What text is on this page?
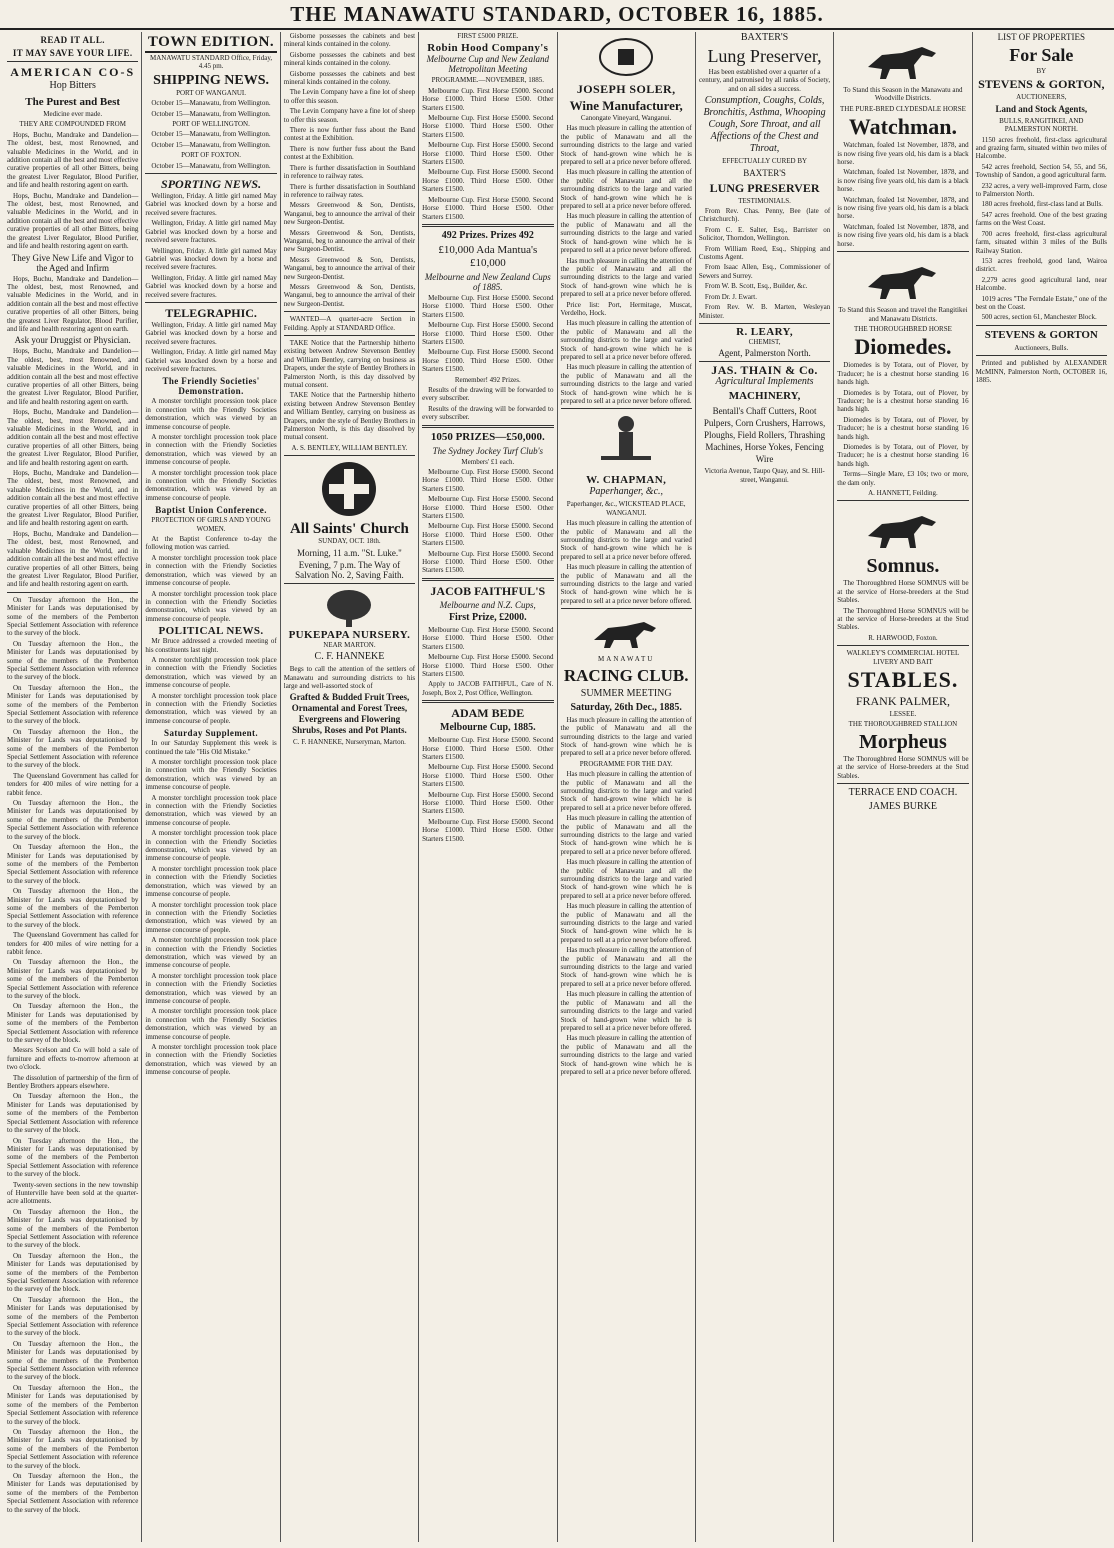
THE MANAWATU STANDARD, OCTOBER 16, 1885.
READ IT ALL.
IT MAY SAVE YOUR LIFE.
AMERICAN CO-S

Hop Bitters

The Purest and Best

Medicine ever made.

THEY ARE COMPOUNDED FROM

Hops, Buchu, Mandrake and Dandelion— The oldest, best, most Renowned, and valuable Medicines in the World, and in addition contain all the best and most effective curative properties of all other Bitters, being the greatest Liver Regulator, Blood Purifier, and life and health restoring agent on earth.

Hops, Buchu, Mandrake and Dandelion— The oldest, best, most Renowned, and valuable Medicines in the World, and in addition contain all the best and most effective curative properties of all other Bitters, being the greatest Liver Regulator, Blood Purifier, and life and health restoring agent on earth.

They Give New Life and Vigor to the Aged and Infirm

Hops, Buchu, Mandrake and Dandelion— The oldest, best, most Renowned, and valuable Medicines in the World, and in addition contain all the best and most effective curative properties of all other Bitters, being the greatest Liver Regulator, Blood Purifier, and life and health restoring agent on earth.

Ask your Druggist or Physician.

Hops, Buchu, Mandrake and Dandelion— The oldest, best, most Renowned, and valuable Medicines in the World, and in addition contain all the best and most effective curative properties of all other Bitters, being the greatest Liver Regulator, Blood Purifier, and life and health restoring agent on earth.

Hops, Buchu, Mandrake and Dandelion— The oldest, best, most Renowned, and valuable Medicines in the World, and in addition contain all the best and most effective curative properties of all other Bitters, being the greatest Liver Regulator, Blood Purifier, and life and health restoring agent on earth.

Hops, Buchu, Mandrake and Dandelion— The oldest, best, most Renowned, and valuable Medicines in the World, and in addition contain all the best and most effective curative properties of all other Bitters, being the greatest Liver Regulator, Blood Purifier, and life and health restoring agent on earth.

Hops, Buchu, Mandrake and Dandelion— The oldest, best, most Renowned, and valuable Medicines in the World, and in addition contain all the best and most effective curative properties of all other Bitters, being the greatest Liver Regulator, Blood Purifier, and life and health restoring agent on earth.

On Tuesday afternoon the Hon., the Minister for Lands was deputationised by some of the members of the Pemberton Special Settlement Association with reference to the survey of the block.

On Tuesday afternoon the Hon., the Minister for Lands was deputationised by some of the members of the Pemberton Special Settlement Association with reference to the survey of the block.

On Tuesday afternoon the Hon., the Minister for Lands was deputationised by some of the members of the Pemberton Special Settlement Association with reference to the survey of the block.

On Tuesday afternoon the Hon., the Minister for Lands was deputationised by some of the members of the Pemberton Special Settlement Association with reference to the survey of the block.

The Queensland Government has called for tenders for 400 miles of wire netting for a rabbit fence.

On Tuesday afternoon the Hon., the Minister for Lands was deputationised by some of the members of the Pemberton Special Settlement Association with reference to the survey of the block.

On Tuesday afternoon the Hon., the Minister for Lands was deputationised by some of the members of the Pemberton Special Settlement Association with reference to the survey of the block.

On Tuesday afternoon the Hon., the Minister for Lands was deputationised by some of the members of the Pemberton Special Settlement Association with reference to the survey of the block.

The Queensland Government has called for tenders for 400 miles of wire netting for a rabbit fence.

On Tuesday afternoon the Hon., the Minister for Lands was deputationised by some of the members of the Pemberton Special Settlement Association with reference to the survey of the block.

On Tuesday afternoon the Hon., the Minister for Lands was deputationised by some of the members of the Pemberton Special Settlement Association with reference to the survey of the block.

Messrs Scelson and Co will hold a sale of furniture and effects to-morrow afternoon at two o'clock.

The dissolution of partnership of the firm of Bentley Brothers appears elsewhere.

On Tuesday afternoon the Hon., the Minister for Lands was deputationised by some of the members of the Pemberton Special Settlement Association with reference to the survey of the block.

On Tuesday afternoon the Hon., the Minister for Lands was deputationised by some of the members of the Pemberton Special Settlement Association with reference to the survey of the block.

Twenty-seven sections in the new township of Hunterville have been sold at the quarter-acre allotments.

On Tuesday afternoon the Hon., the Minister for Lands was deputationised by some of the members of the Pemberton Special Settlement Association with reference to the survey of the block.

On Tuesday afternoon the Hon., the Minister for Lands was deputationised by some of the members of the Pemberton Special Settlement Association with reference to the survey of the block.

On Tuesday afternoon the Hon., the Minister for Lands was deputationised by some of the members of the Pemberton Special Settlement Association with reference to the survey of the block.

On Tuesday afternoon the Hon., the Minister for Lands was deputationised by some of the members of the Pemberton Special Settlement Association with reference to the survey of the block.

On Tuesday afternoon the Hon., the Minister for Lands was deputationised by some of the members of the Pemberton Special Settlement Association with reference to the survey of the block.

On Tuesday afternoon the Hon., the Minister for Lands was deputationised by some of the members of the Pemberton Special Settlement Association with reference to the survey of the block.

On Tuesday afternoon the Hon., the Minister for Lands was deputationised by some of the members of the Pemberton Special Settlement Association with reference to the survey of the block.

TOWN EDITION.

MANAWATU STANDARD Office, Friday, 4.45 pm.

SHIPPING NEWS.

PORT OF WANGANUI.

October 15—Manawatu, from Wellington.

October 15—Manawatu, from Wellington.

PORT OF WELLINGTON.

October 15—Manawatu, from Wellington.

October 15—Manawatu, from Wellington.

PORT OF FOXTON.

October 15—Manawatu, from Wellington.

SPORTING NEWS.

Wellington, Friday. A little girl named May Gabriel was knocked down by a horse and received severe fractures.

Wellington, Friday. A little girl named May Gabriel was knocked down by a horse and received severe fractures.

Wellington, Friday. A little girl named May Gabriel was knocked down by a horse and received severe fractures.

Wellington, Friday. A little girl named May Gabriel was knocked down by a horse and received severe fractures.

TELEGRAPHIC.

Wellington, Friday. A little girl named May Gabriel was knocked down by a horse and received severe fractures.

Wellington, Friday. A little girl named May Gabriel was knocked down by a horse and received severe fractures.

The Friendly Societies' Demonstration.

A monster torchlight procession took place in connection with the Friendly Societies demonstration, which was viewed by an immense concourse of people.

A monster torchlight procession took place in connection with the Friendly Societies demonstration, which was viewed by an immense concourse of people.

A monster torchlight procession took place in connection with the Friendly Societies demonstration, which was viewed by an immense concourse of people.

Baptist Union Conference.

PROTECTION OF GIRLS AND YOUNG WOMEN.

At the Baptist Conference to-day the following motion was carried.

A monster torchlight procession took place in connection with the Friendly Societies demonstration, which was viewed by an immense concourse of people.

A monster torchlight procession took place in connection with the Friendly Societies demonstration, which was viewed by an immense concourse of people.

POLITICAL NEWS.

Mr Bruce addressed a crowded meeting of his constituents last night.

A monster torchlight procession took place in connection with the Friendly Societies demonstration, which was viewed by an immense concourse of people.

A monster torchlight procession took place in connection with the Friendly Societies demonstration, which was viewed by an immense concourse of people.

Saturday Supplement.

In our Saturday Supplement this week is continued the tale "His Old Mistake."

A monster torchlight procession took place in connection with the Friendly Societies demonstration, which was viewed by an immense concourse of people.

A monster torchlight procession took place in connection with the Friendly Societies demonstration, which was viewed by an immense concourse of people.

A monster torchlight procession took place in connection with the Friendly Societies demonstration, which was viewed by an immense concourse of people.

A monster torchlight procession took place in connection with the Friendly Societies demonstration, which was viewed by an immense concourse of people.

A monster torchlight procession took place in connection with the Friendly Societies demonstration, which was viewed by an immense concourse of people.

A monster torchlight procession took place in connection with the Friendly Societies demonstration, which was viewed by an immense concourse of people.

A monster torchlight procession took place in connection with the Friendly Societies demonstration, which was viewed by an immense concourse of people.

A monster torchlight procession took place in connection with the Friendly Societies demonstration, which was viewed by an immense concourse of people.

A monster torchlight procession took place in connection with the Friendly Societies demonstration, which was viewed by an immense concourse of people.

Gisborne possesses the cabinets and best mineral kinds contained in the colony.

Gisborne possesses the cabinets and best mineral kinds contained in the colony.

Gisborne possesses the cabinets and best mineral kinds contained in the colony.

The Levin Company have a fine lot of sheep to offer this season.

The Levin Company have a fine lot of sheep to offer this season.

There is now further fuss about the Band contest at the Exhibition.

There is now further fuss about the Band contest at the Exhibition.

There is further dissatisfaction in Southland in reference to railway rates.

There is further dissatisfaction in Southland in reference to railway rates.

Messrs Greenwood & Son, Dentists, Wanganui, beg to announce the arrival of their new Surgeon-Dentist.

Messrs Greenwood & Son, Dentists, Wanganui, beg to announce the arrival of their new Surgeon-Dentist.

Messrs Greenwood & Son, Dentists, Wanganui, beg to announce the arrival of their new Surgeon-Dentist.

Messrs Greenwood & Son, Dentists, Wanganui, beg to announce the arrival of their new Surgeon-Dentist.

WANTED—A quarter-acre Section in Feilding. Apply at STANDARD Office.

TAKE Notice that the Partnership hitherto existing between Andrew Stevenson Bentley and William Bentley, carrying on business as Drapers, under the style of Bentley Brothers in Palmerston North, is this day dissolved by mutual consent.

TAKE Notice that the Partnership hitherto existing between Andrew Stevenson Bentley and William Bentley, carrying on business as Drapers, under the style of Bentley Brothers in Palmerston North, is this day dissolved by mutual consent.

A. S. BENTLEY, WILLIAM BENTLEY.

All Saints' Church

SUNDAY, OCT. 18th.

Morning, 11 a.m. "St. Luke."

Evening, 7 p.m. The Way of Salvation No. 2, Saving Faith.

PUKEPAPA NURSERY.

NEAR MARTON.

C. F. HANNEKE

Begs to call the attention of the settlers of Manawatu and surrounding districts to his large and well-assorted stock of

Grafted & Budded Fruit Trees, Ornamental and Forest Trees, Evergreens and Flowering Shrubs, Roses and Pot Plants.

C. F. HANNEKE, Nurseryman, Marton.

FIRST £5000 PRIZE.

Robin Hood Company's

Melbourne Cup and New Zealand Metropolitan Meeting

PROGRAMME.—NOVEMBER, 1885.

Melbourne Cup. First Horse £5000. Second Horse £1000. Third Horse £500. Other Starters £1500.

Melbourne Cup. First Horse £5000. Second Horse £1000. Third Horse £500. Other Starters £1500.

Melbourne Cup. First Horse £5000. Second Horse £1000. Third Horse £500. Other Starters £1500.

Melbourne Cup. First Horse £5000. Second Horse £1000. Third Horse £500. Other Starters £1500.

Melbourne Cup. First Horse £5000. Second Horse £1000. Third Horse £500. Other Starters £1500.

492 Prizes. Prizes 492

£10,000 Ada Mantua's £10,000

Melbourne and New Zealand Cups of 1885.

Melbourne Cup. First Horse £5000. Second Horse £1000. Third Horse £500. Other Starters £1500.

Melbourne Cup. First Horse £5000. Second Horse £1000. Third Horse £500. Other Starters £1500.

Melbourne Cup. First Horse £5000. Second Horse £1000. Third Horse £500. Other Starters £1500.

Remember! 492 Prizes.

Results of the drawing will be forwarded to every subscriber.

Results of the drawing will be forwarded to every subscriber.

1050 PRIZES—£50,000.

The Sydney Jockey Turf Club's

Members' £1 each.

Melbourne Cup. First Horse £5000. Second Horse £1000. Third Horse £500. Other Starters £1500.

Melbourne Cup. First Horse £5000. Second Horse £1000. Third Horse £500. Other Starters £1500.

Melbourne Cup. First Horse £5000. Second Horse £1000. Third Horse £500. Other Starters £1500.

Melbourne Cup. First Horse £5000. Second Horse £1000. Third Horse £500. Other Starters £1500.

JACOB FAITHFUL'S

Melbourne and N.Z. Cups,

First Prize, £2000.

Melbourne Cup. First Horse £5000. Second Horse £1000. Third Horse £500. Other Starters £1500.

Melbourne Cup. First Horse £5000. Second Horse £1000. Third Horse £500. Other Starters £1500.

Apply to JACOB FAITHFUL, Care of N. Joseph, Box 2, Post Office, Wellington.

ADAM BEDE

Melbourne Cup, 1885.

Melbourne Cup. First Horse £5000. Second Horse £1000. Third Horse £500. Other Starters £1500.

Melbourne Cup. First Horse £5000. Second Horse £1000. Third Horse £500. Other Starters £1500.

Melbourne Cup. First Horse £5000. Second Horse £1000. Third Horse £500. Other Starters £1500.

Melbourne Cup. First Horse £5000. Second Horse £1000. Third Horse £500. Other Starters £1500.

JOSEPH SOLER,
Wine Manufacturer,

Canongate Vineyard, Wanganui.

Has much pleasure in calling the attention of the public of Manawatu and all the surrounding districts to the large and varied Stock of hand-grown wine which he is prepared to sell at a price never before offered.

Has much pleasure in calling the attention of the public of Manawatu and all the surrounding districts to the large and varied Stock of hand-grown wine which he is prepared to sell at a price never before offered.

Has much pleasure in calling the attention of the public of Manawatu and all the surrounding districts to the large and varied Stock of hand-grown wine which he is prepared to sell at a price never before offered.

Has much pleasure in calling the attention of the public of Manawatu and all the surrounding districts to the large and varied Stock of hand-grown wine which he is prepared to sell at a price never before offered.

Price list: Port, Hermitage, Muscat, Verdelho, Hock.

Has much pleasure in calling the attention of the public of Manawatu and all the surrounding districts to the large and varied Stock of hand-grown wine which he is prepared to sell at a price never before offered.

Has much pleasure in calling the attention of the public of Manawatu and all the surrounding districts to the large and varied Stock of hand-grown wine which he is prepared to sell at a price never before offered.

W. CHAPMAN,

Paperhanger, &c.,

Paperhanger, &c., WICKSTEAD PLACE, WANGANUI.

Has much pleasure in calling the attention of the public of Manawatu and all the surrounding districts to the large and varied Stock of hand-grown wine which he is prepared to sell at a price never before offered.

Has much pleasure in calling the attention of the public of Manawatu and all the surrounding districts to the large and varied Stock of hand-grown wine which he is prepared to sell at a price never before offered.

MANAWATU

RACING CLUB.

SUMMER MEETING

Saturday, 26th Dec., 1885.

Has much pleasure in calling the attention of the public of Manawatu and all the surrounding districts to the large and varied Stock of hand-grown wine which he is prepared to sell at a price never before offered.

PROGRAMME FOR THE DAY.

Has much pleasure in calling the attention of the public of Manawatu and all the surrounding districts to the large and varied Stock of hand-grown wine which he is prepared to sell at a price never before offered.

Has much pleasure in calling the attention of the public of Manawatu and all the surrounding districts to the large and varied Stock of hand-grown wine which he is prepared to sell at a price never before offered.

Has much pleasure in calling the attention of the public of Manawatu and all the surrounding districts to the large and varied Stock of hand-grown wine which he is prepared to sell at a price never before offered.

Has much pleasure in calling the attention of the public of Manawatu and all the surrounding districts to the large and varied Stock of hand-grown wine which he is prepared to sell at a price never before offered.

Has much pleasure in calling the attention of the public of Manawatu and all the surrounding districts to the large and varied Stock of hand-grown wine which he is prepared to sell at a price never before offered.

Has much pleasure in calling the attention of the public of Manawatu and all the surrounding districts to the large and varied Stock of hand-grown wine which he is prepared to sell at a price never before offered.

Has much pleasure in calling the attention of the public of Manawatu and all the surrounding districts to the large and varied Stock of hand-grown wine which he is prepared to sell at a price never before offered.

BAXTER'S

Lung Preserver,

Has been established over a quarter of a century, and patronised by all ranks of Society, and on all sides a success.

Consumption, Coughs, Colds, Bronchitis, Asthma, Whooping Cough, Sore Throat, and all Affections of the Chest and Throat,

EFFECTUALLY CURED BY

BAXTER'S

LUNG PRESERVER

TESTIMONIALS.

From Rev. Chas. Penny, Bee (late of Christchurch).

From C. E. Salter, Esq., Barrister on Solicitor, Thorndon, Wellington.

From William Reed, Esq., Shipping and Customs Agent.

From Isaac Allen, Esq., Commissioner of Sewers and Surrey.

From W. B. Scott, Esq., Builder, &c.

From Dr. J. Ewart.

From Rev. W. B. Marten, Wesleyan Minister.

R. LEARY,

CHEMIST,

Agent, Palmerston North.

JAS. THAIN & Co.

Agricultural Implements

MACHINERY,

Bentall's Chaff Cutters, Root Pulpers, Corn Crushers, Harrows, Ploughs, Field Rollers, Thrashing Machines, Horse Yokes, Fencing Wire

Victoria Avenue, Taupo Quay, and St. Hill-street, Wanganui.

To Stand this Season in the Manawatu and Woodville Districts.

THE PURE-BRED CLYDESDALE HORSE

Watchman.

Watchman, foaled 1st November, 1878, and is now rising five years old, his dam is a black horse.

Watchman, foaled 1st November, 1878, and is now rising five years old, his dam is a black horse.

Watchman, foaled 1st November, 1878, and is now rising five years old, his dam is a black horse.

Watchman, foaled 1st November, 1878, and is now rising five years old, his dam is a black horse.

To Stand this Season and travel the Rangitikei and Manawatu Districts.

THE THOROUGHBRED HORSE

Diomedes.

Diomedes is by Totara, out of Plover, by Traducer; he is a chestnut horse standing 16 hands high.

Diomedes is by Totara, out of Plover, by Traducer; he is a chestnut horse standing 16 hands high.

Diomedes is by Totara, out of Plover, by Traducer; he is a chestnut horse standing 16 hands high.

Diomedes is by Totara, out of Plover, by Traducer; he is a chestnut horse standing 16 hands high.

Terms—Single Mare, £3 10s; two or more, the dam only.

A. HANNETT, Feilding.

Somnus.

The Thoroughbred Horse SOMNUS will be at the service of Horse-breeders at the Stud Stables.

The Thoroughbred Horse SOMNUS will be at the service of Horse-breeders at the Stud Stables.

R. HARWOOD, Foxton.

WALKLEY'S COMMERCIAL HOTEL LIVERY AND BAIT

STABLES.

FRANK PALMER,

LESSEE.

THE THOROUGHBRED STALLION

Morpheus

The Thoroughbred Horse SOMNUS will be at the service of Horse-breeders at the Stud Stables.

TERRACE END COACH.

JAMES BURKE

LIST OF PROPERTIES

For Sale

BY

STEVENS & GORTON,

AUCTIONEERS,

Land and Stock Agents,

BULLS, RANGITIKEI, AND PALMERSTON NORTH.

1150 acres freehold, first-class agricultural and grazing farm, situated within two miles of Halcombe.

542 acres freehold, Section 54, 55, and 56, Township of Sandon, a good agricultural farm.

232 acres, a very well-improved Farm, close to Palmerston North.

180 acres freehold, first-class land at Bulls.

547 acres freehold. One of the best grazing farms on the West Coast.

700 acres freehold, first-class agricultural farm, situated within 3 miles of the Bulls Railway Station.

153 acres freehold, good land, Wairoa district.

2,279 acres good agricultural land, near Halcombe.

1019 acres "The Ferndale Estate," one of the best on the Coast.

500 acres, section 61, Manchester Block.

STEVENS & GORTON

Auctioneers, Bulls.

Printed and published by ALEXANDER McMINN, Palmerston North, OCTOBER 16, 1885.
